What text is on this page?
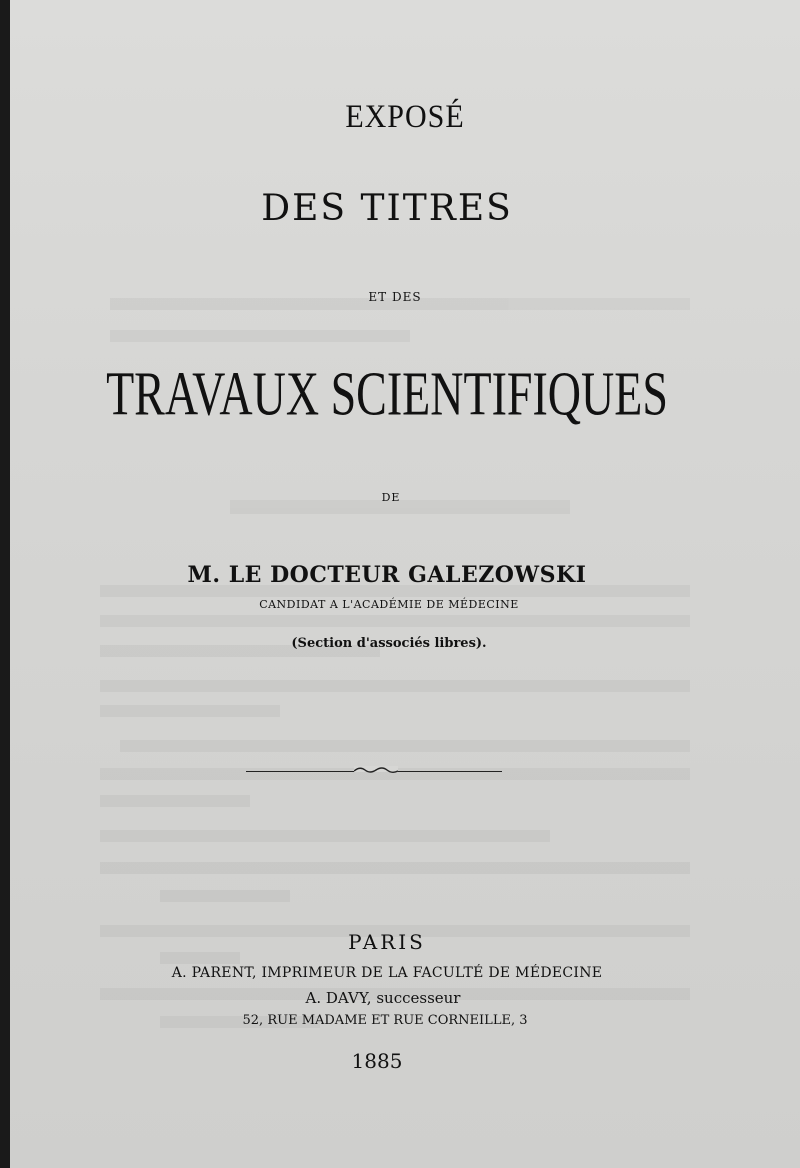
EXPOSÉ
DES TITRES
ET DES
TRAVAUX SCIENTIFIQUES
DE
M. LE DOCTEUR GALEZOWSKI
CANDIDAT A L'ACADÉMIE DE MÉDECINE
(Section d'associés libres).
PARIS
A. PARENT, IMPRIMEUR DE LA FACULTÉ DE MÉDECINE
A. DAVY, successeur
52, RUE MADAME ET RUE CORNEILLE, 3
1885
